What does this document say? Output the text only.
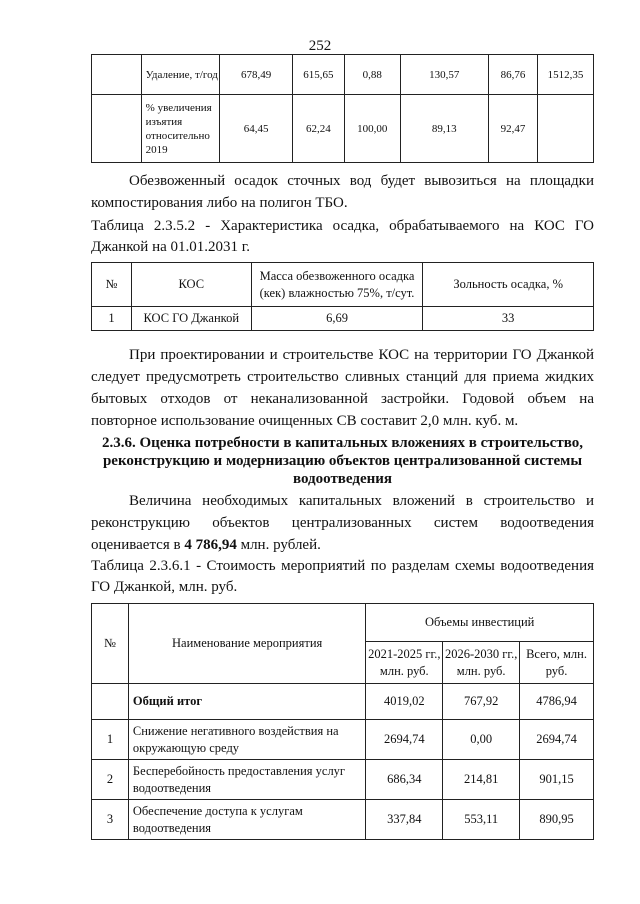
252
	Удаление, т/год	678,49	615,65	0,88	130,57	86,76	1512,35
	% увеличения изъятия относительно 2019	64,45	62,24	100,00	89,13	92,47	
Обезвоженный осадок сточных вод будет вывозиться на площадки компостирования либо на полигон ТБО.
Таблица 2.3.5.2 - Характеристика осадка, обрабатываемого на КОС ГО Джанкой на 01.01.2031 г.
№	КОС	Масса обезвоженного осадка (кек) влажностью 75%, т/сут.	Зольность осадка, %
1	КОС ГО Джанкой	6,69	33
При проектировании и строительстве КОС на территории ГО Джанкой следует предусмотреть строительство сливных станций для приема жидких бытовых отходов от неканализованной застройки. Годовой объем на повторное использование очищенных СВ составит 2,0 млн. куб. м.
2.3.6. Оценка потребности в капитальных вложениях в строительство, реконструкцию и модернизацию объектов централизованной системы водоотведения
Величина необходимых капитальных вложений в строительство и реконструкцию объектов централизованных систем водоотведения оценивается в 4 786,94 млн. рублей.
Таблица 2.3.6.1 - Стоимость мероприятий по разделам схемы водоотведения ГО Джанкой, млн. руб.
№	Наименование мероприятия	Объемы инвестиций		
		2021-2025 гг., млн. руб.	2026-2030 гг., млн. руб.	Всего, млн. руб.
	Общий итог	4019,02	767,92	4786,94
1	Снижение негативного воздействия на окружающую среду	2694,74	0,00	2694,74
2	Бесперебойность предоставления услуг водоотведения	686,34	214,81	901,15
3	Обеспечение доступа к услугам водоотведения	337,84	553,11	890,95
